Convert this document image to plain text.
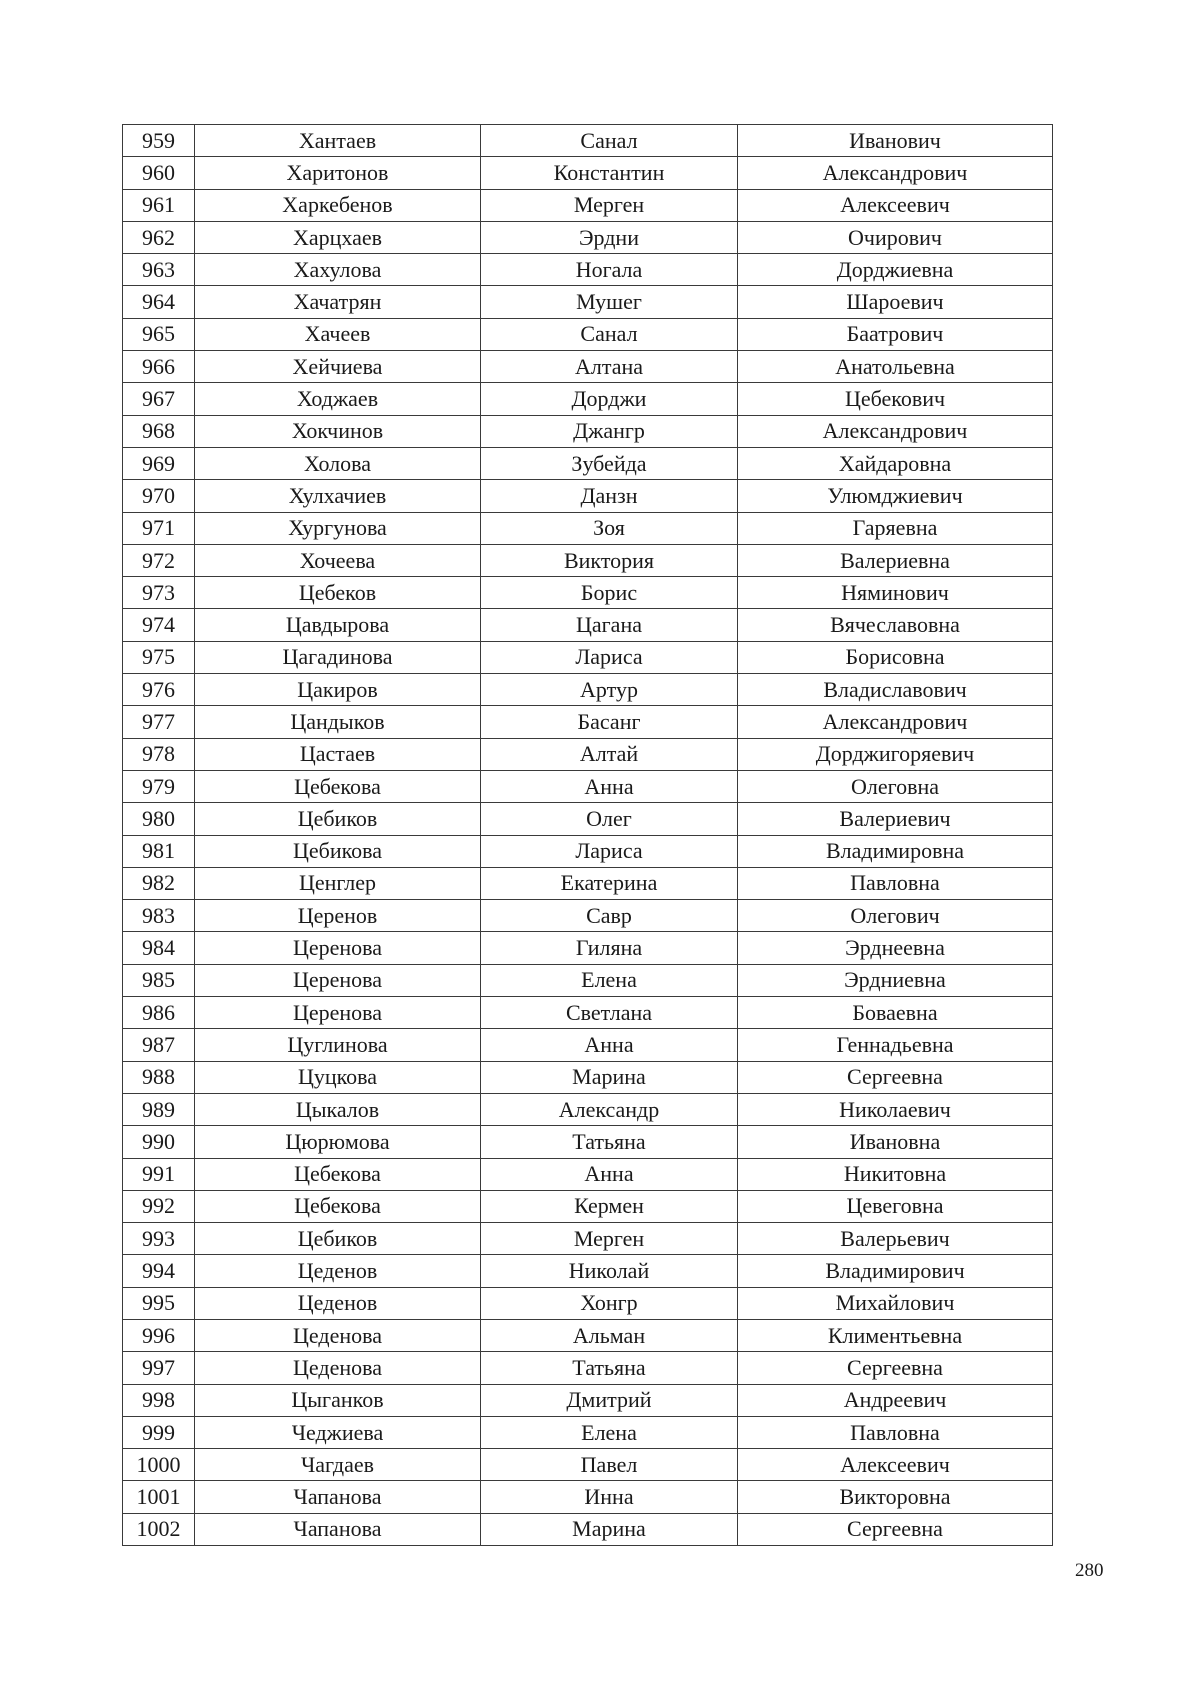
959	Хантаев	Санал	Иванович
960	Харитонов	Константин	Александрович
961	Харкебенов	Мерген	Алексеевич
962	Харцхаев	Эрдни	Очирович
963	Хахулова	Ногала	Дорджиевна
964	Хачатрян	Мушег	Шароевич
965	Хачеев	Санал	Баатрович
966	Хейчиева	Алтана	Анатольевна
967	Ходжаев	Дорджи	Цебекович
968	Хокчинов	Джангр	Александрович
969	Холова	Зубейда	Хайдаровна
970	Хулхачиев	Данзн	Улюмджиевич
971	Хургунова	Зоя	Гаряевна
972	Хочеева	Виктория	Валериевна
973	Цебеков	Борис	Няминович
974	Цавдырова	Цагана	Вячеславовна
975	Цагадинова	Лариса	Борисовна
976	Цакиров	Артур	Владиславович
977	Цандыков	Басанг	Александрович
978	Цастаев	Алтай	Дорджигоряевич
979	Цебекова	Анна	Олеговна
980	Цебиков	Олег	Валериевич
981	Цебикова	Лариса	Владимировна
982	Ценглер	Екатерина	Павловна
983	Церенов	Савр	Олегович
984	Церенова	Гиляна	Эрднеевна
985	Церенова	Елена	Эрдниевна
986	Церенова	Светлана	Боваевна
987	Цуглинова	Анна	Геннадьевна
988	Цуцкова	Марина	Сергеевна
989	Цыкалов	Александр	Николаевич
990	Цюрюмова	Татьяна	Ивановна
991	Цебекова	Анна	Никитовна
992	Цебекова	Кермен	Цевеговна
993	Цебиков	Мерген	Валерьевич
994	Цеденов	Николай	Владимирович
995	Цеденов	Хонгр	Михайлович
996	Цеденова	Альман	Климентьевна
997	Цеденова	Татьяна	Сергеевна
998	Цыганков	Дмитрий	Андреевич
999	Чеджиева	Елена	Павловна
1000	Чагдаев	Павел	Алексеевич
1001	Чапанова	Инна	Викторовна
1002	Чапанова	Марина	Сергеевна
280
